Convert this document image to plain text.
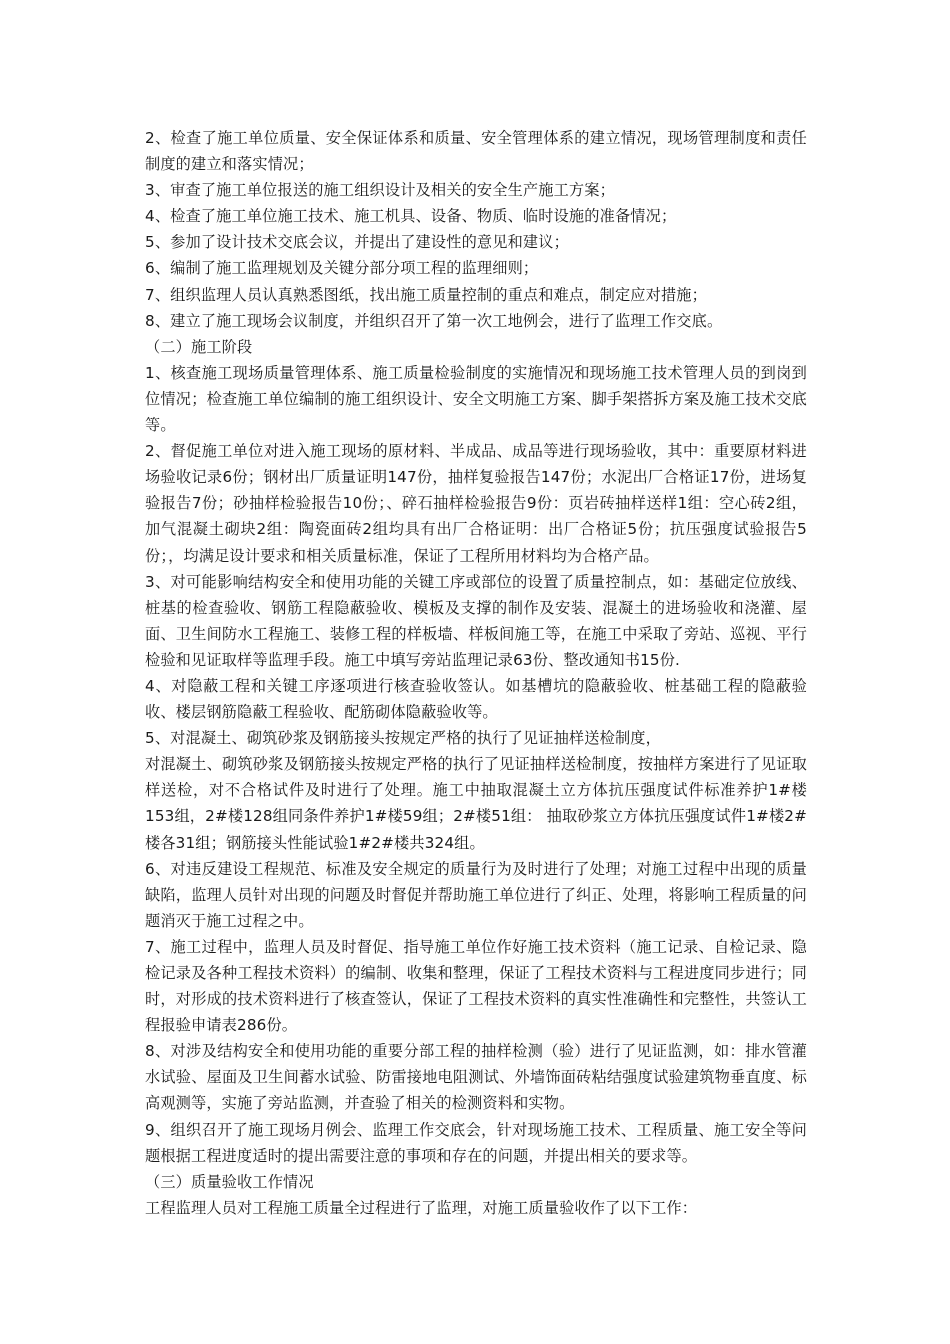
2、检查了施工单位质量、安全保证体系和质量、安全管理体系的建立情况，现场管理制度和责任制度的建立和落实情况；

3、审查了施工单位报送的施工组织设计及相关的安全生产施工方案；

4、检查了施工单位施工技术、施工机具、设备、物质、临时设施的准备情况；

5、参加了设计技术交底会议，并提出了建设性的意见和建议；

6、编制了施工监理规划及关键分部分项工程的监理细则；

7、组织监理人员认真熟悉图纸，找出施工质量控制的重点和难点，制定应对措施；

8、建立了施工现场会议制度，并组织召开了第一次工地例会，进行了监理工作交底。

（二）施工阶段

1、核查施工现场质量管理体系、施工质量检验制度的实施情况和现场施工技术管理人员的到岗到位情况；检查施工单位编制的施工组织设计、安全文明施工方案、脚手架搭拆方案及施工技术交底等。

2、督促施工单位对进入施工现场的原材料、半成品、成品等进行现场验收，其中：重要原材料进场验收记录6份；钢材出厂质量证明147份，抽样复验报告147份；水泥出厂合格证17份，进场复验报告7份；砂抽样检验报告10份；、碎石抽样检验报告9份：页岩砖抽样送样1组：空心砖2组，加气混凝土砌块2组：陶瓷面砖2组均具有出厂合格证明：出厂合格证5份；抗压强度试验报告5份；，均满足设计要求和相关质量标准，保证了工程所用材料均为合格产品。

3、对可能影响结构安全和使用功能的关键工序或部位的设置了质量控制点，如：基础定位放线、桩基的检查验收、钢筋工程隐蔽验收、模板及支撑的制作及安装、混凝土的进场验收和浇灌、屋面、卫生间防水工程施工、装修工程的样板墙、样板间施工等，在施工中采取了旁站、巡视、平行检验和见证取样等监理手段。施工中填写旁站监理记录63份、整改通知书15份.

4、对隐蔽工程和关键工序逐项进行核查验收签认。如基槽坑的隐蔽验收、桩基础工程的隐蔽验收、楼层钢筋隐蔽工程验收、配筋砌体隐蔽验收等。

5、对混凝土、砌筑砂浆及钢筋接头按规定严格的执行了见证抽样送检制度，

对混凝土、砌筑砂浆及钢筋接头按规定严格的执行了见证抽样送检制度，按抽样方案进行了见证取样送检，对不合格试件及时进行了处理。施工中抽取混凝土立方体抗压强度试件标准养护1#楼153组，2#楼128组同条件养护1#楼59组；2#楼51组： 抽取砂浆立方体抗压强度试件1#楼2#楼各31组；钢筋接头性能试验1#2#楼共324组。

6、对违反建设工程规范、标准及安全规定的质量行为及时进行了处理；对施工过程中出现的质量缺陷，监理人员针对出现的问题及时督促并帮助施工单位进行了纠正、处理，将影响工程质量的问题消灭于施工过程之中。

7、施工过程中，监理人员及时督促、指导施工单位作好施工技术资料（施工记录、自检记录、隐检记录及各种工程技术资料）的编制、收集和整理，保证了工程技术资料与工程进度同步进行；同时，对形成的技术资料进行了核查签认，保证了工程技术资料的真实性准确性和完整性，共签认工程报验申请表286份。

8、对涉及结构安全和使用功能的重要分部工程的抽样检测（验）进行了见证监测，如：排水管灌水试验、屋面及卫生间蓄水试验、防雷接地电阻测试、外墙饰面砖粘结强度试验建筑物垂直度、标高观测等，实施了旁站监测，并查验了相关的检测资料和实物。

9、组织召开了施工现场月例会、监理工作交底会，针对现场施工技术、工程质量、施工安全等问题根据工程进度适时的提出需要注意的事项和存在的问题，并提出相关的要求等。

（三）质量验收工作情况

工程监理人员对工程施工质量全过程进行了监理，对施工质量验收作了以下工作：
